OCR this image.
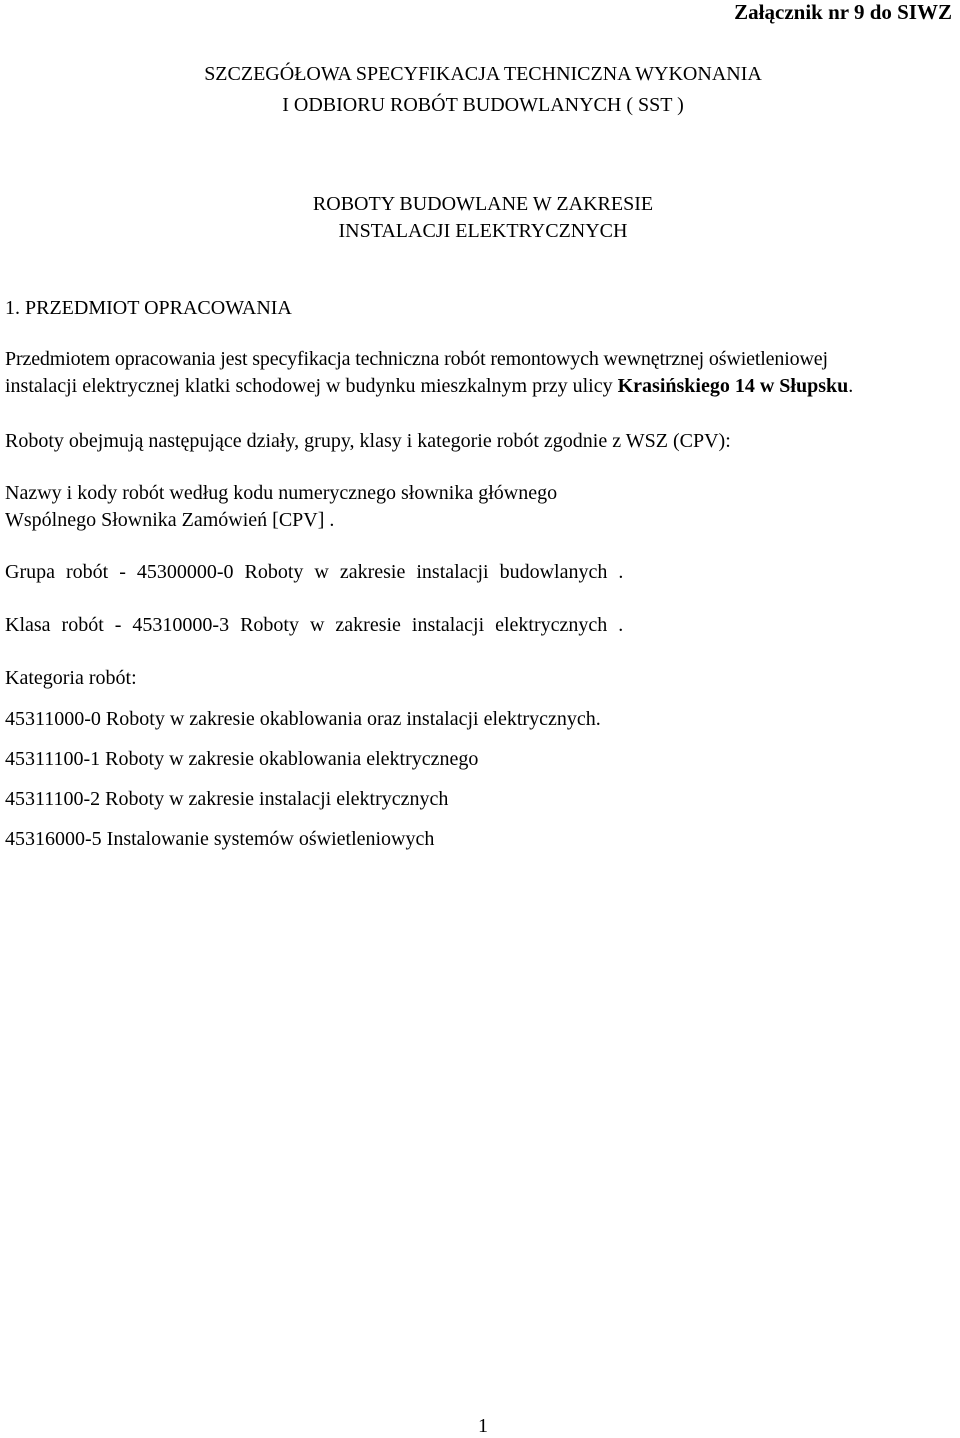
Załącznik nr 9 do SIWZ
SZCZEGÓŁOWA SPECYFIKACJA TECHNICZNA WYKONANIA
I ODBIORU ROBÓT BUDOWLANYCH ( SST )
ROBOTY BUDOWLANE W ZAKRESIE
INSTALACJI ELEKTRYCZNYCH
1. PRZEDMIOT OPRACOWANIA
Przedmiotem opracowania jest specyfikacja techniczna robót remontowych wewnętrznej oświetleniowej
instalacji elektrycznej klatki schodowej w budynku mieszkalnym przy ulicy Krasińskiego 14 w Słupsku.
Roboty obejmują następujące działy, grupy, klasy i kategorie robót zgodnie z WSZ (CPV):
Nazwy i kody robót według kodu numerycznego słownika głównego
Wspólnego Słownika Zamówień [CPV] .
Grupa robót - 45300000-0 Roboty w zakresie instalacji budowlanych .
Klasa robót - 45310000-3 Roboty w zakresie instalacji elektrycznych .
Kategoria robót:
45311000-0 Roboty w zakresie okablowania oraz instalacji elektrycznych.
45311100-1 Roboty w zakresie okablowania elektrycznego
45311100-2 Roboty w zakresie instalacji elektrycznych
45316000-5 Instalowanie systemów oświetleniowych
1
